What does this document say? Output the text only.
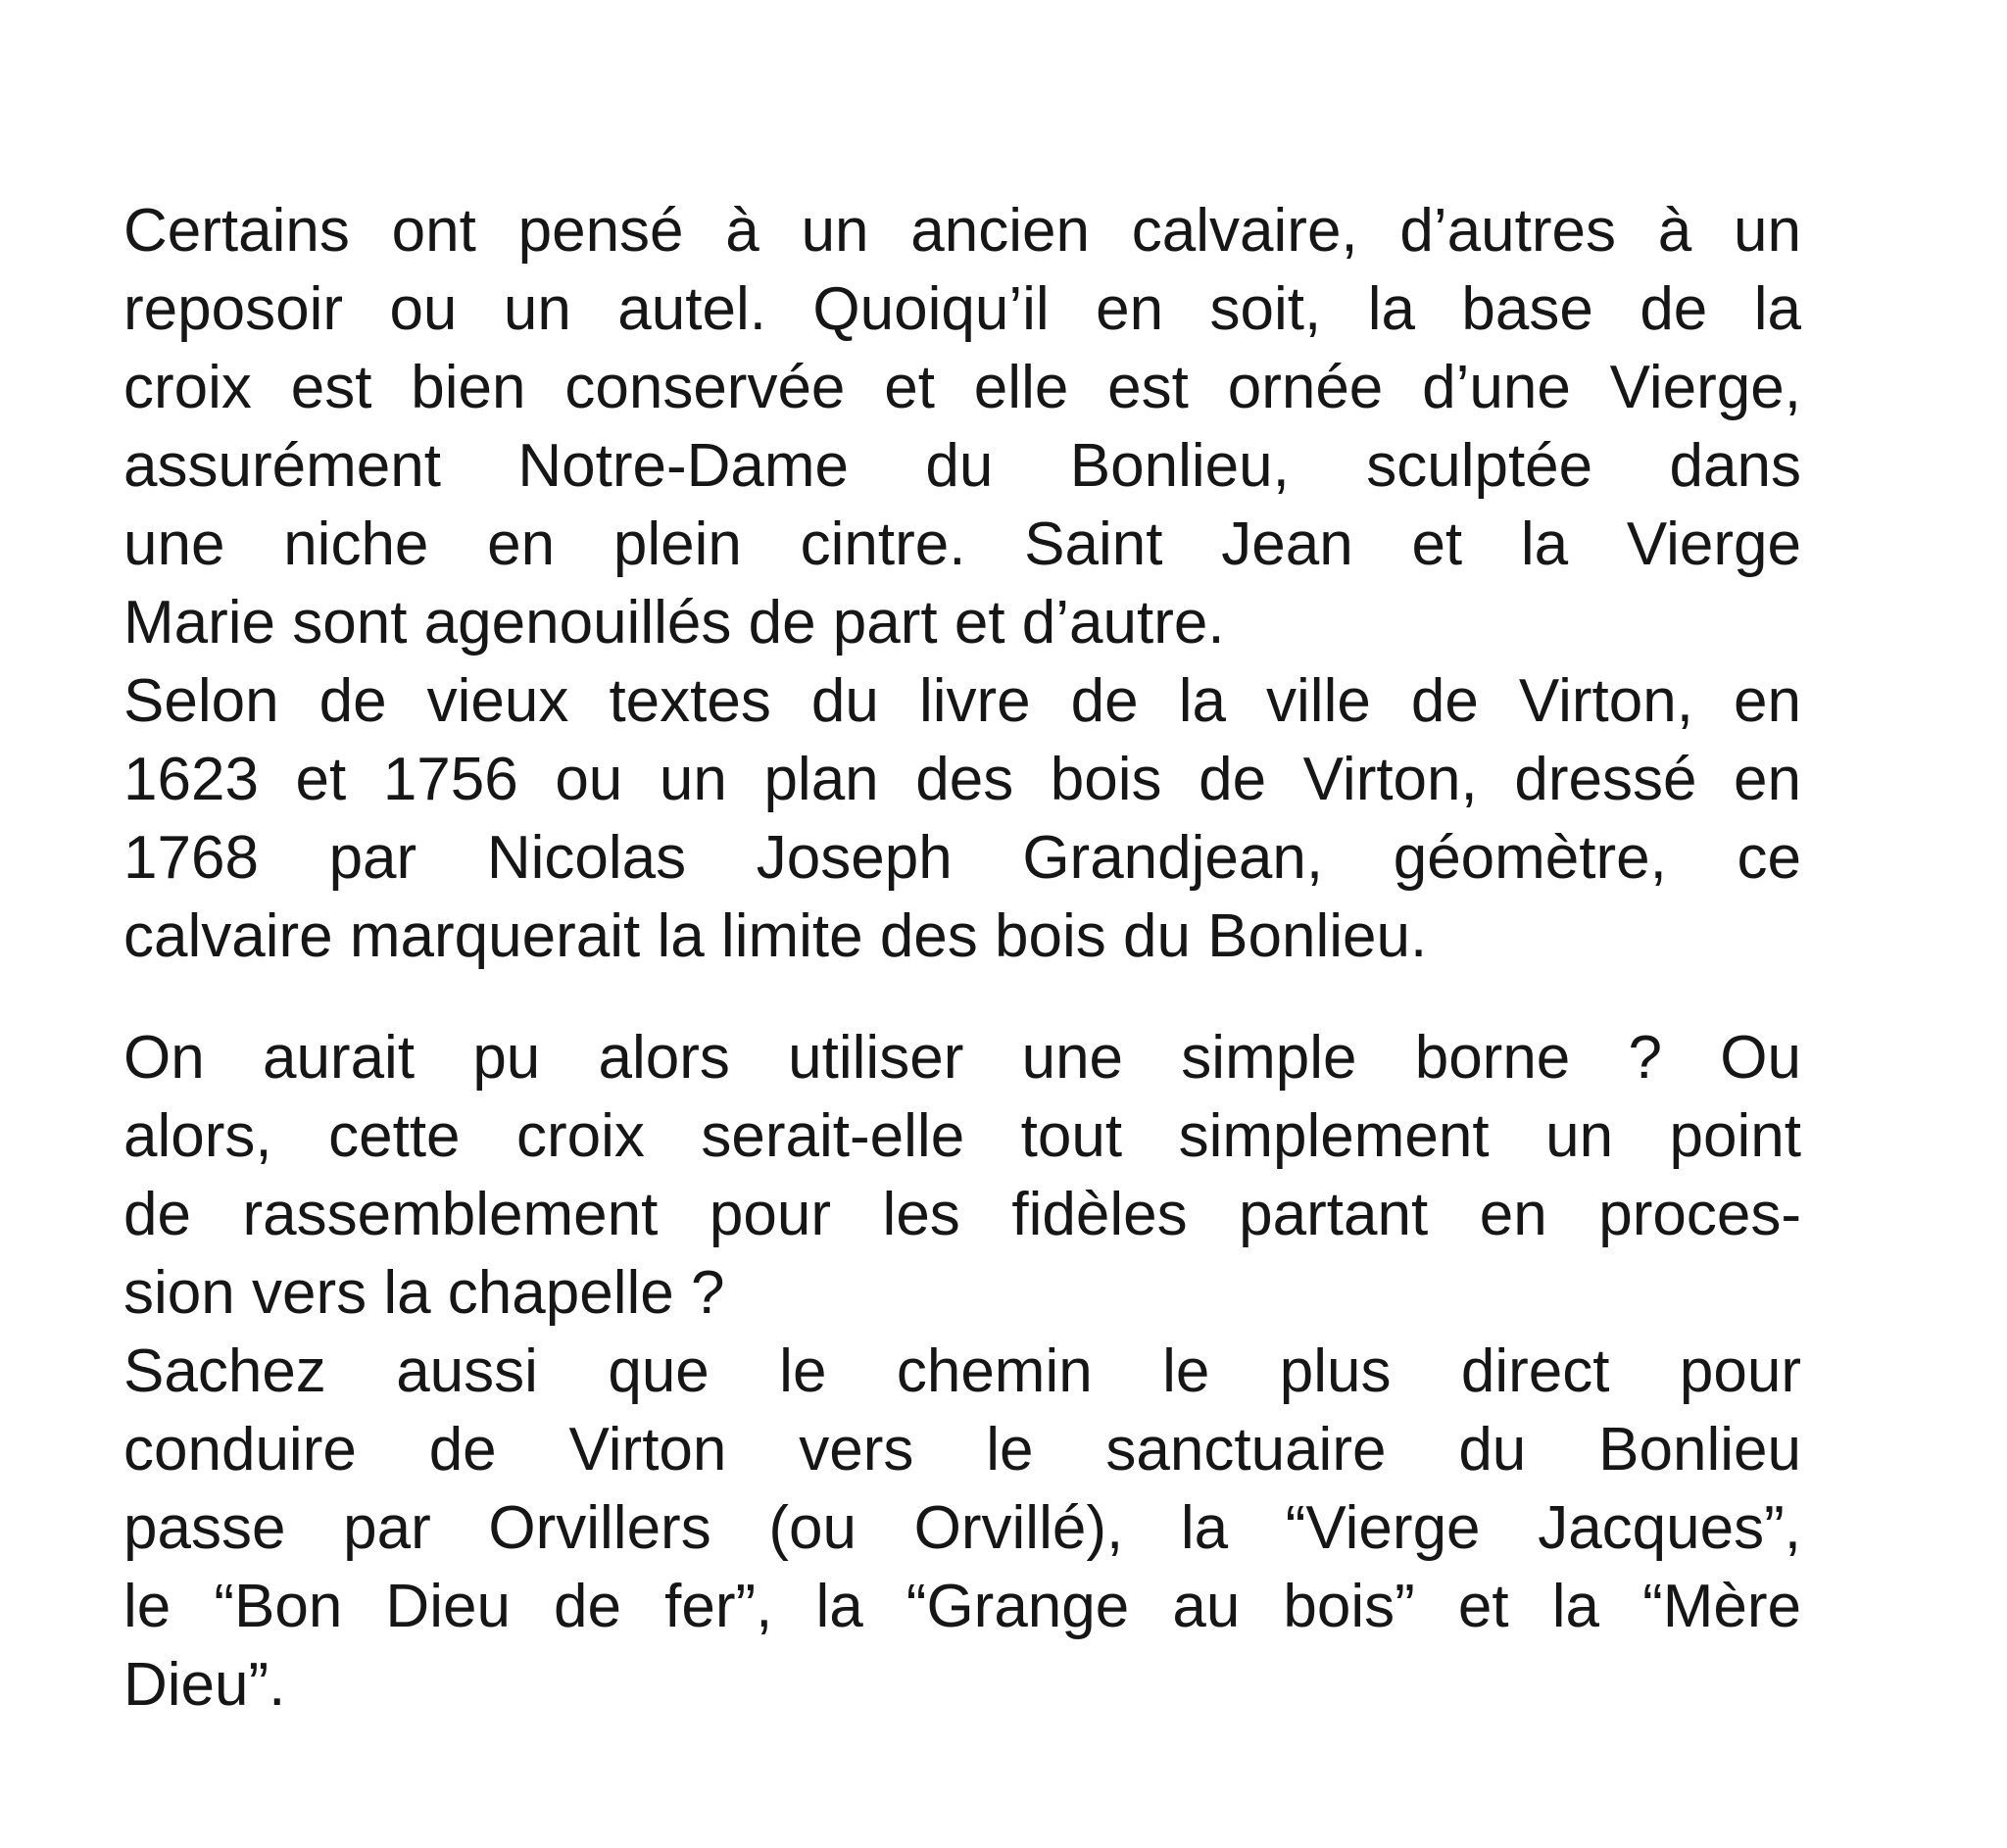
Certains ont pensé à un ancien calvaire, d’autres à un
reposoir ou un autel. Quoiqu’il en soit, la base de la
croix est bien conservée et elle est ornée d’une Vierge,
assurément Notre-Dame du Bonlieu, sculptée dans
une niche en plein cintre. Saint Jean et la Vierge
Marie sont agenouillés de part et d’autre.
Selon de vieux textes du livre de la ville de Virton, en
1623 et 1756 ou un plan des bois de Virton, dressé en
1768 par Nicolas Joseph Grandjean, géomètre, ce
calvaire marquerait la limite des bois du Bonlieu.
On aurait pu alors utiliser une simple borne ? Ou
alors, cette croix serait-elle tout simplement un point
de rassemblement pour les fidèles partant en proces-
sion vers la chapelle ?
Sachez aussi que le chemin le plus direct pour
conduire de Virton vers le sanctuaire du Bonlieu
passe par Orvillers (ou Orvillé), la “Vierge Jacques”,
le “Bon Dieu de fer”, la “Grange au bois” et la “Mère
Dieu”.
